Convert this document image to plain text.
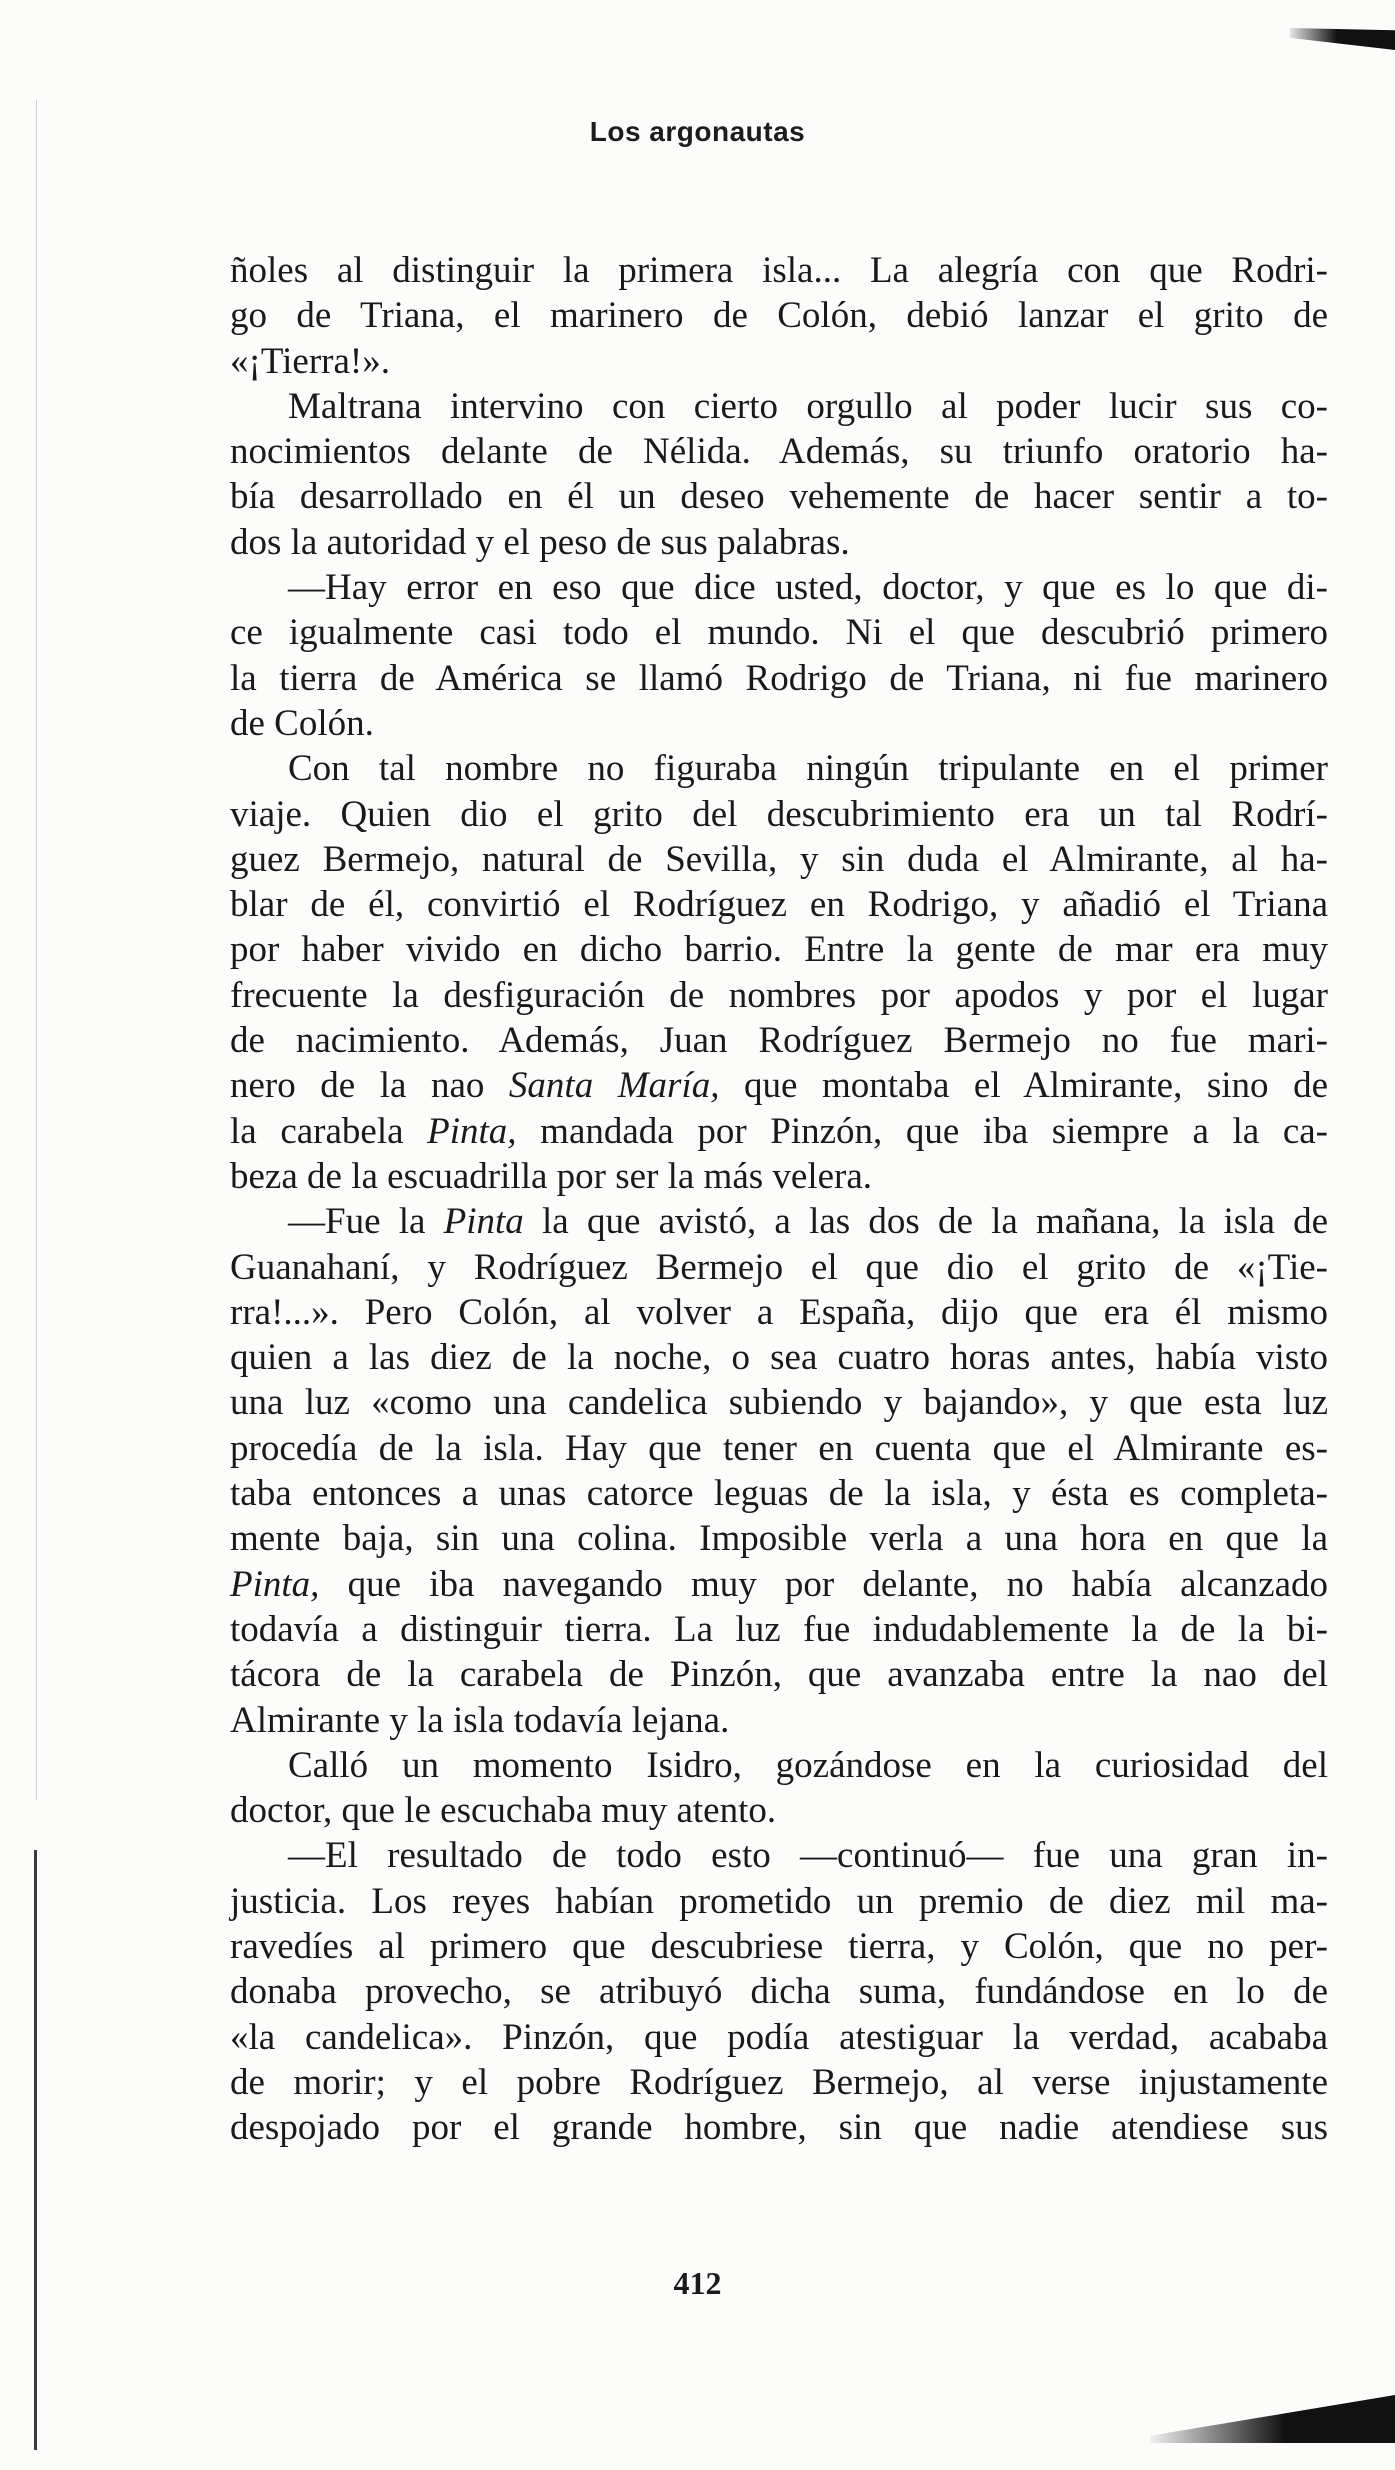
Los argonautas
ñoles al distinguir la primera isla... La alegría con que Rodri-
go de Triana, el marinero de Colón, debió lanzar el grito de
«¡Tierra!».
Maltrana intervino con cierto orgullo al poder lucir sus co-
nocimientos delante de Nélida. Además, su triunfo oratorio ha-
bía desarrollado en él un deseo vehemente de hacer sentir a to-
dos la autoridad y el peso de sus palabras.
—Hay error en eso que dice usted, doctor, y que es lo que di-
ce igualmente casi todo el mundo. Ni el que descubrió primero
la tierra de América se llamó Rodrigo de Triana, ni fue marinero
de Colón.
Con tal nombre no figuraba ningún tripulante en el primer
viaje. Quien dio el grito del descubrimiento era un tal Rodrí-
guez Bermejo, natural de Sevilla, y sin duda el Almirante, al ha-
blar de él, convirtió el Rodríguez en Rodrigo, y añadió el Triana
por haber vivido en dicho barrio. Entre la gente de mar era muy
frecuente la desfiguración de nombres por apodos y por el lugar
de nacimiento. Además, Juan Rodríguez Bermejo no fue mari-
nero de la nao Santa María, que montaba el Almirante, sino de
la carabela Pinta, mandada por Pinzón, que iba siempre a la ca-
beza de la escuadrilla por ser la más velera.
—Fue la Pinta la que avistó, a las dos de la mañana, la isla de
Guanahaní, y Rodríguez Bermejo el que dio el grito de «¡Tie-
rra!...». Pero Colón, al volver a España, dijo que era él mismo
quien a las diez de la noche, o sea cuatro horas antes, había visto
una luz «como una candelica subiendo y bajando», y que esta luz
procedía de la isla. Hay que tener en cuenta que el Almirante es-
taba entonces a unas catorce leguas de la isla, y ésta es completa-
mente baja, sin una colina. Imposible verla a una hora en que la
Pinta, que iba navegando muy por delante, no había alcanzado
todavía a distinguir tierra. La luz fue indudablemente la de la bi-
tácora de la carabela de Pinzón, que avanzaba entre la nao del
Almirante y la isla todavía lejana.
Calló un momento Isidro, gozándose en la curiosidad del
doctor, que le escuchaba muy atento.
—El resultado de todo esto —continuó— fue una gran in-
justicia. Los reyes habían prometido un premio de diez mil ma-
ravedíes al primero que descubriese tierra, y Colón, que no per-
donaba provecho, se atribuyó dicha suma, fundándose en lo de
«la candelica». Pinzón, que podía atestiguar la verdad, acababa
de morir; y el pobre Rodríguez Bermejo, al verse injustamente
despojado por el grande hombre, sin que nadie atendiese sus
412
